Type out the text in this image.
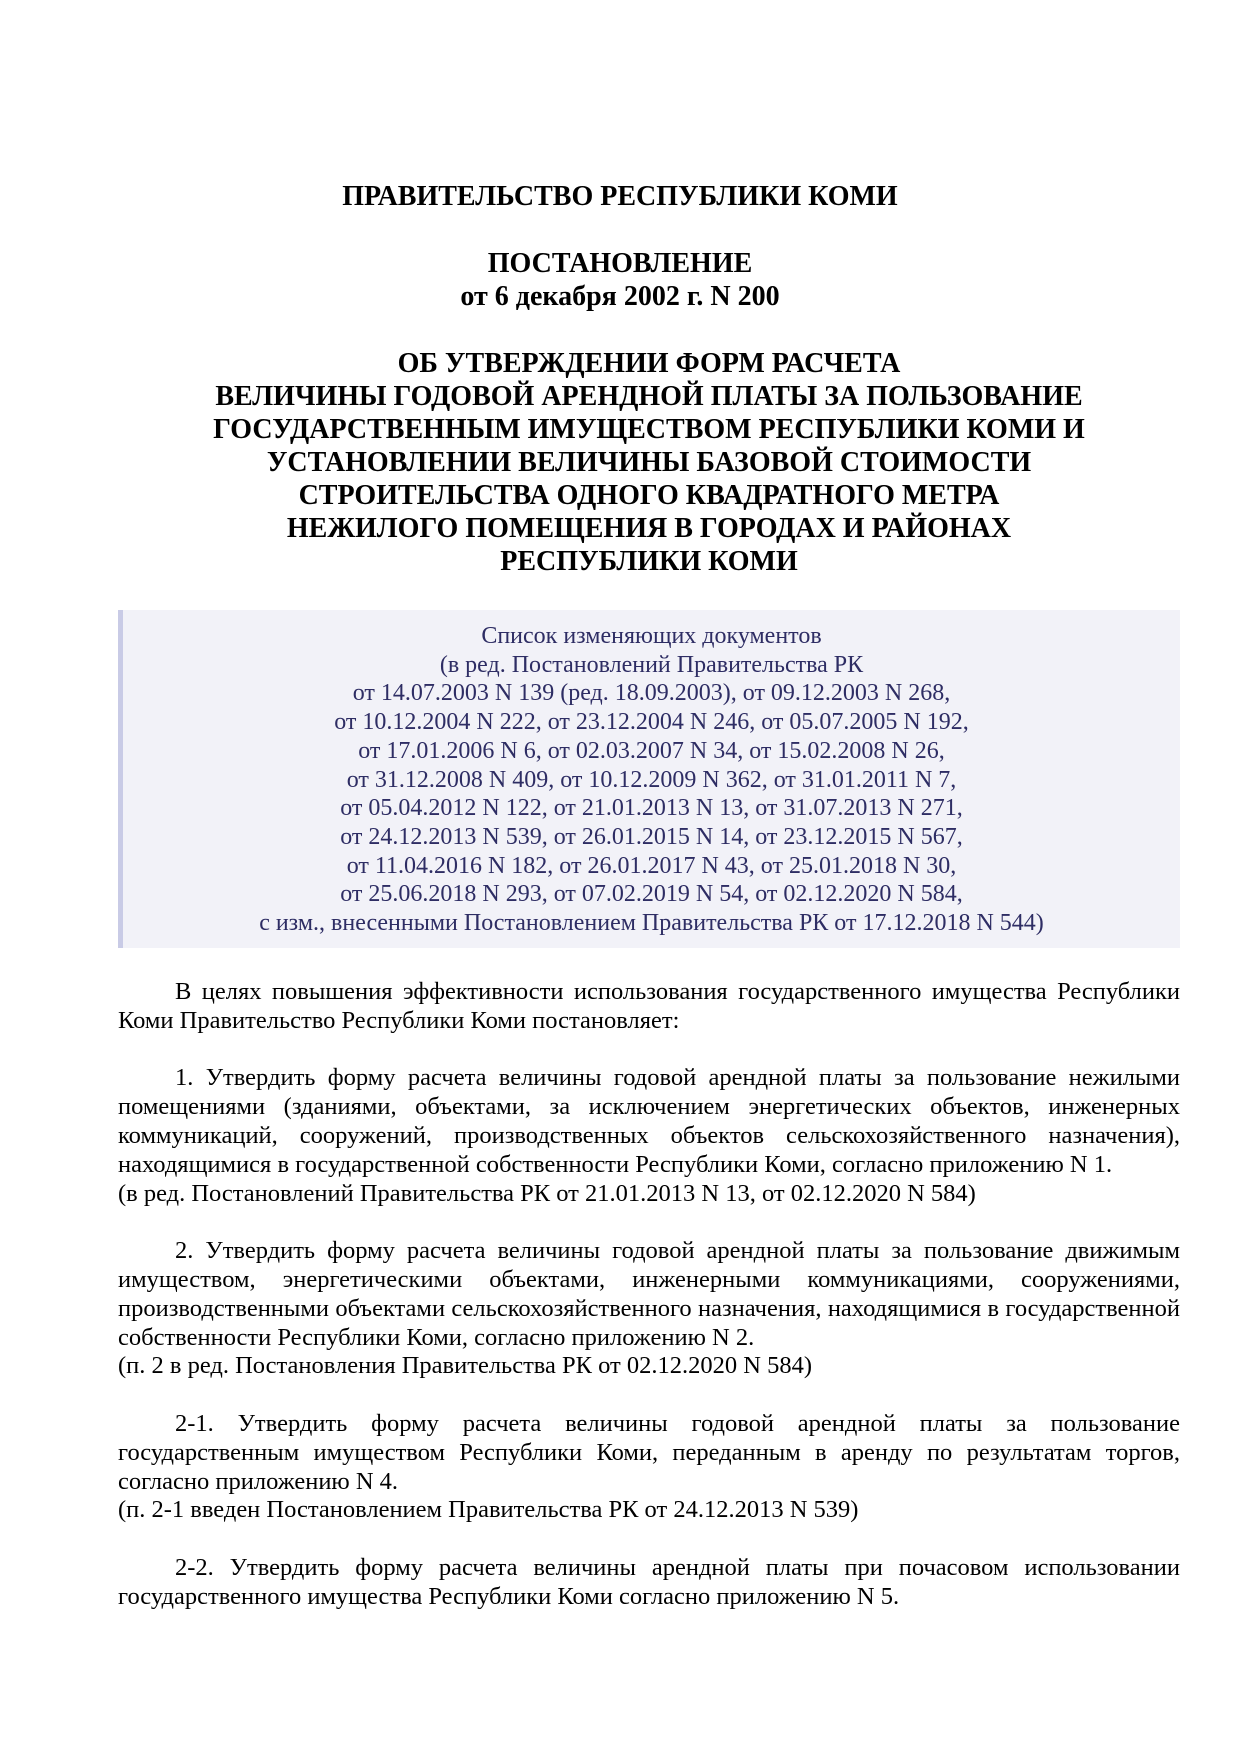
ПРАВИТЕЛЬСТВО РЕСПУБЛИКИ КОМИ
ПОСТАНОВЛЕНИЕ
от 6 декабря 2002 г. N 200
ОБ УТВЕРЖДЕНИИ ФОРМ РАСЧЕТА
ВЕЛИЧИНЫ ГОДОВОЙ АРЕНДНОЙ ПЛАТЫ ЗА ПОЛЬЗОВАНИЕ
ГОСУДАРСТВЕННЫМ ИМУЩЕСТВОМ РЕСПУБЛИКИ КОМИ И
УСТАНОВЛЕНИИ ВЕЛИЧИНЫ БАЗОВОЙ СТОИМОСТИ
СТРОИТЕЛЬСТВА ОДНОГО КВАДРАТНОГО МЕТРА
НЕЖИЛОГО ПОМЕЩЕНИЯ В ГОРОДАХ И РАЙОНАХ
РЕСПУБЛИКИ КОМИ
Список изменяющих документов
(в ред. Постановлений Правительства РК
от 14.07.2003 N 139 (ред. 18.09.2003), от 09.12.2003 N 268,
от 10.12.2004 N 222, от 23.12.2004 N 246, от 05.07.2005 N 192,
от 17.01.2006 N 6, от 02.03.2007 N 34, от 15.02.2008 N 26,
от 31.12.2008 N 409, от 10.12.2009 N 362, от 31.01.2011 N 7,
от 05.04.2012 N 122, от 21.01.2013 N 13, от 31.07.2013 N 271,
от 24.12.2013 N 539, от 26.01.2015 N 14, от 23.12.2015 N 567,
от 11.04.2016 N 182, от 26.01.2017 N 43, от 25.01.2018 N 30,
от 25.06.2018 N 293, от 07.02.2019 N 54, от 02.12.2020 N 584,
с изм., внесенными Постановлением Правительства РК от 17.12.2018 N 544)

В целях повышения эффективности использования государственного имущества Республики Коми Правительство Республики Коми постановляет:

1. Утвердить форму расчета величины годовой арендной платы за пользование нежилыми помещениями (зданиями, объектами, за исключением энергетических объектов, инженерных коммуникаций, сооружений, производственных объектов сельскохозяйственного назначения), находящимися в государственной собственности Республики Коми, согласно приложению N 1.

(в ред. Постановлений Правительства РК от 21.01.2013 N 13, от 02.12.2020 N 584)

2. Утвердить форму расчета величины годовой арендной платы за пользование движимым имуществом, энергетическими объектами, инженерными коммуникациями, сооружениями, производственными объектами сельскохозяйственного назначения, находящимися в государственной собственности Республики Коми, согласно приложению N 2.

(п. 2 в ред. Постановления Правительства РК от 02.12.2020 N 584)

2-1. Утвердить форму расчета величины годовой арендной платы за пользование государственным имуществом Республики Коми, переданным в аренду по результатам торгов, согласно приложению N 4.

(п. 2-1 введен Постановлением Правительства РК от 24.12.2013 N 539)

2-2. Утвердить форму расчета величины арендной платы при почасовом использовании государственного имущества Республики Коми согласно приложению N 5.
